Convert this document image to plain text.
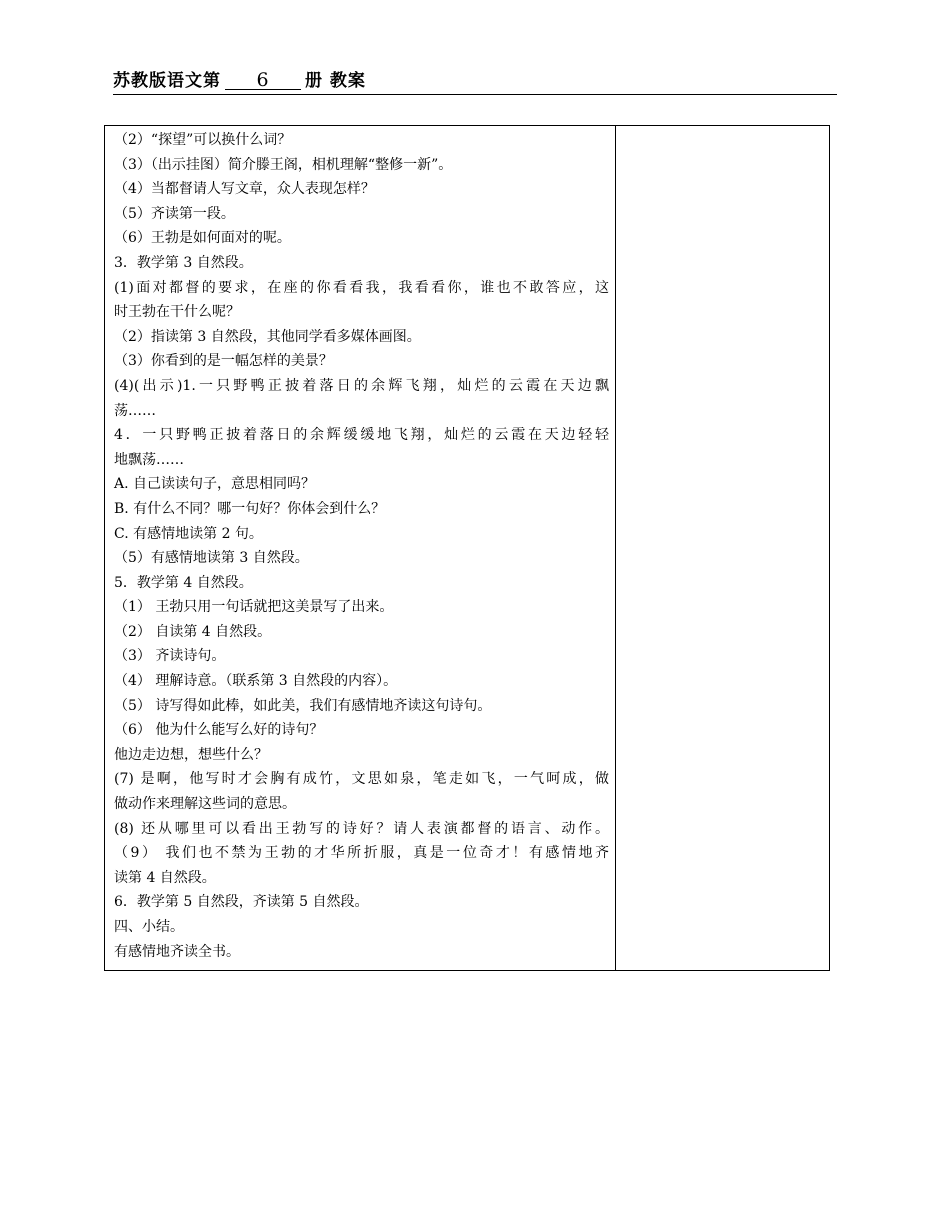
苏教版语文第 6 册 教案
（2）“探望”可以换什么词？
（3）（出示挂图）简介滕王阁，相机理解“整修一新”。
（4）当都督请人写文章，众人表现怎样？
（5）齐读第一段。
（6）王勃是如何面对的呢。
3．教学第 3 自然段。
(1)面对都督的要求，在座的你看看我，我看看你，谁也不敢答应，这
时王勃在干什么呢？
（2）指读第 3 自然段，其他同学看多媒体画图。
（3）你看到的是一幅怎样的美景？
(4)(出示)1.一只野鸭正披着落日的余辉飞翔，灿烂的云霞在天边飘
荡……
4．一只野鸭正披着落日的余辉缓缓地飞翔，灿烂的云霞在天边轻轻
地飘荡……
A. 自己读读句子，意思相同吗？
B. 有什么不同？哪一句好？你体会到什么？
C. 有感情地读第 2 句。
（5）有感情地读第 3 自然段。
5．教学第 4 自然段。
（1） 王勃只用一句话就把这美景写了出来。
（2） 自读第 4 自然段。
（3） 齐读诗句。
（4） 理解诗意。（联系第 3 自然段的内容）。
（5） 诗写得如此棒，如此美，我们有感情地齐读这句诗句。
（6） 他为什么能写么好的诗句？
他边走边想，想些什么？
(7) 是啊，他写时才会胸有成竹，文思如泉，笔走如飞，一气呵成，做
做动作来理解这些词的意思。
(8) 还从哪里可以看出王勃写的诗好？请人表演都督的语言、动作。
（9） 我们也不禁为王勃的才华所折服，真是一位奇才！有感情地齐
读第 4 自然段。
6．教学第 5 自然段，齐读第 5 自然段。
四、小结。
有感情地齐读全书。
